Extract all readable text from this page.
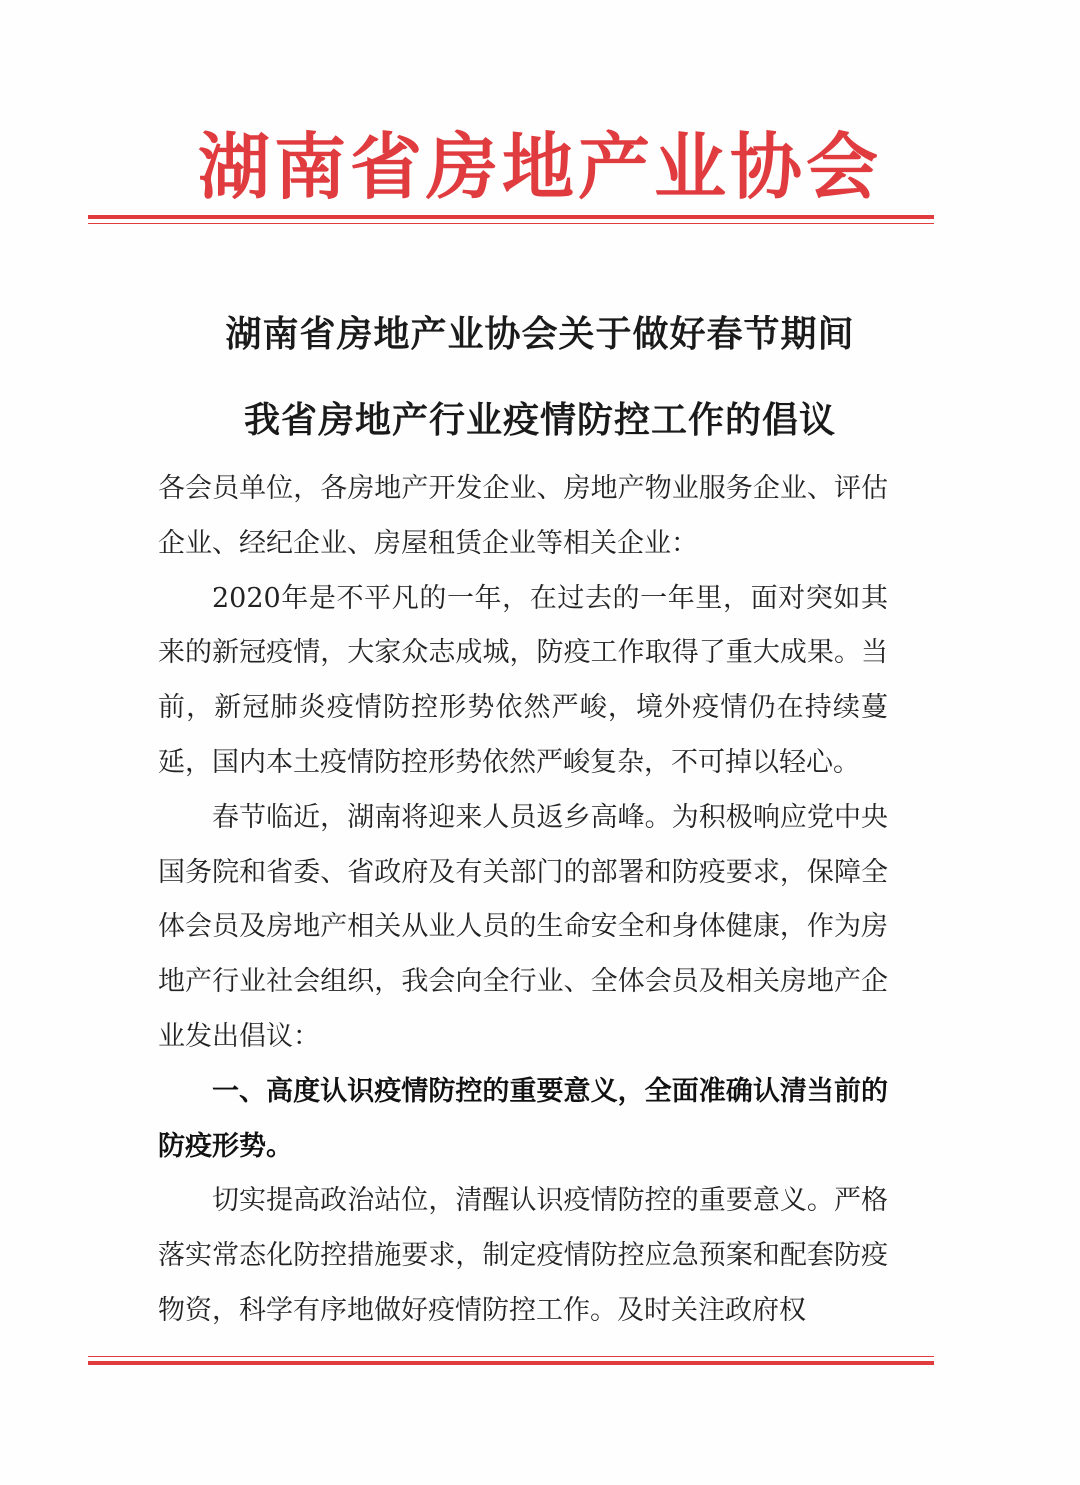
湖南省房地产业协会
湖南省房地产业协会关于做好春节期间
我省房地产行业疫情防控工作的倡议

各会员单位，各房地产开发企业、房地产物业服务企业、评估企业、经纪企业、房屋租赁企业等相关企业：

2020年是不平凡的一年，在过去的一年里，面对突如其来的新冠疫情，大家众志成城，防疫工作取得了重大成果。当前，新冠肺炎疫情防控形势依然严峻，境外疫情仍在持续蔓延，国内本土疫情防控形势依然严峻复杂，不可掉以轻心。

春节临近，湖南将迎来人员返乡高峰。为积极响应党中央国务院和省委、省政府及有关部门的部署和防疫要求，保障全体会员及房地产相关从业人员的生命安全和身体健康，作为房地产行业社会组织，我会向全行业、全体会员及相关房地产企业发出倡议：

一、高度认识疫情防控的重要意义，全面准确认清当前的防疫形势。

切实提高政治站位，清醒认识疫情防控的重要意义。严格落实常态化防控措施要求，制定疫情防控应急预案和配套防疫物资，科学有序地做好疫情防控工作。及时关注政府权
